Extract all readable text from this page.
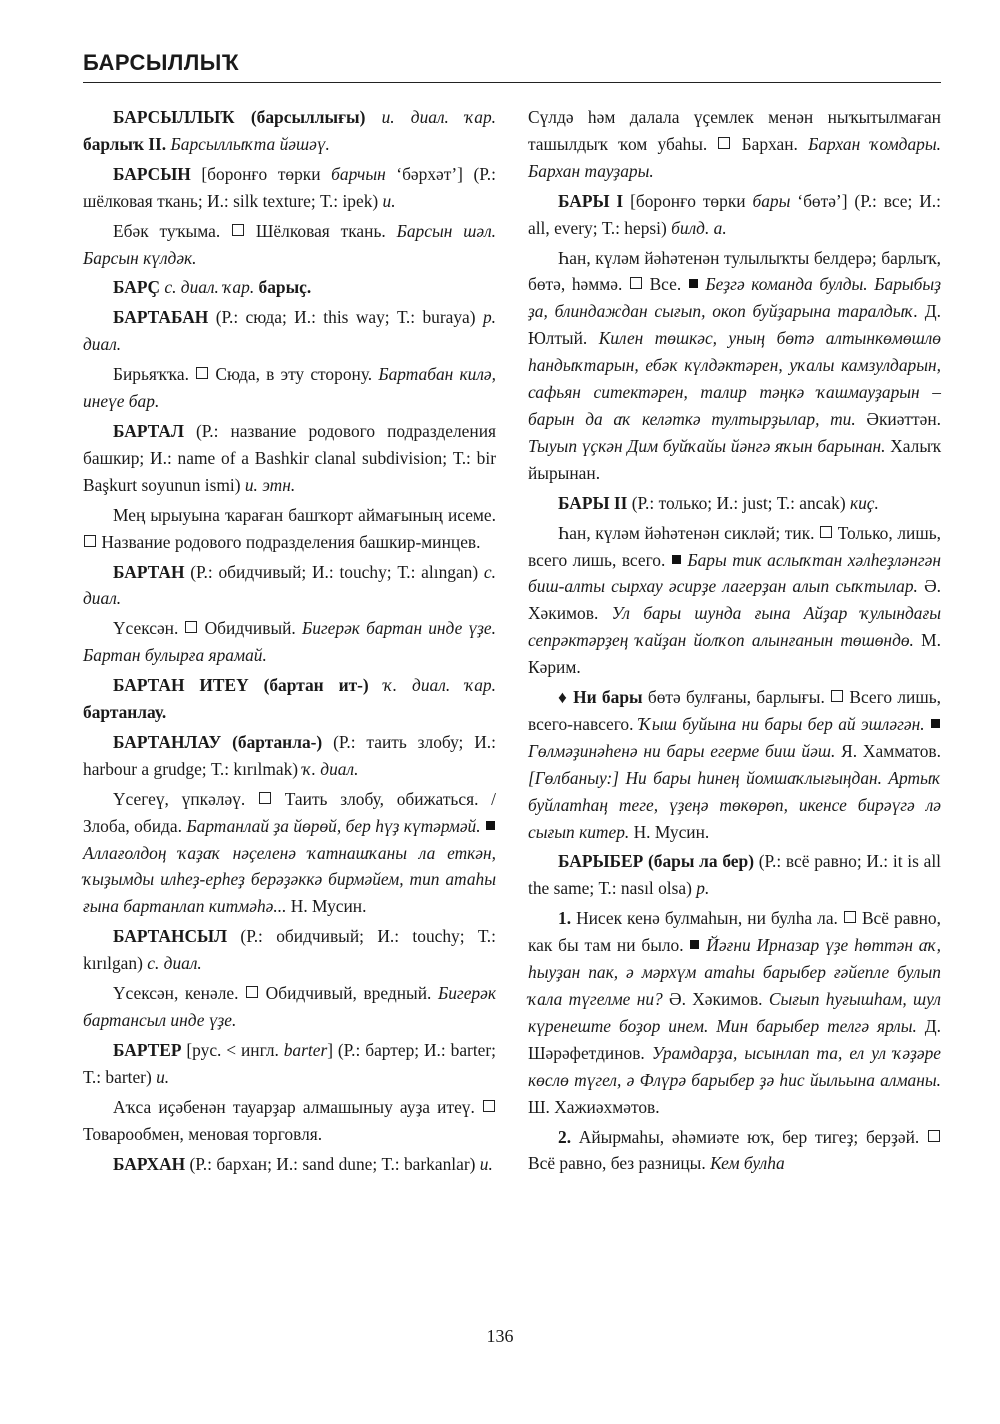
БАРСЫЛЛЫҠ

БАРСЫЛЛЫҠ (барсыллығы) и. диал. ҡар. барлыҡ II. Барсыллыҡта йәшәү.

БАРСЫН [боронғо төрки барчын ‘бәрхәт’] (Р.: шёлковая ткань; И.: silk texture; Т.: ipek) и.

Ебәк туҡыма.  Шёлковая ткань. Барсын шәл. Барсын күлдәк.

БАРҪ с. диал. ҡар. барыҫ.

БАРТАБАН (Р.: сюда; И.: this way; Т.: buraya) р. диал.

Бирьяҡҡа.  Сюда, в эту сторону. Бартабан килә, инеүе бар.

БАРТАЛ (Р.: название родового подразделения башкир; И.: name of a Bashkir clanal subdivision; Т.: bir Başkurt soyunun ismi) и. этн.

Мең ырыуына ҡараған башҡорт аймағының исеме.  Название родового подразделения башкир-минцев.

БАРТАН (Р.: обидчивый; И.: touchy; Т.: alıngan) с. диал.

Үсексән.  Обидчивый. Бигерәк бартан инде үҙе. Бартан булырға ярамай.

БАРТАН ИТЕҮ (бартан ит-) ҡ. диал. ҡар. бартанлау.

БАРТАНЛАУ (бартанла-) (Р.: таить злобу; И.: harbour a grudge; Т.: kırılmak) ҡ. диал.

Үсегеү, үпкәләү.  Таить злобу, обижаться. / Злоба, обида. Бартанлай ҙа йөрөй, бер һүҙ күтәрмәй.  Аллағолдоң ҡаҙаҡ нәҫеленә ҡатнашҡаны ла еткән, ҡыҙымды илһеҙ-ерһеҙ берәҙәккә бирмәйем, тип атаһы ғына бартанлап китмәһә... Н. Мусин.

БАРТАНСЫЛ (Р.: обидчивый; И.: touchy; Т.: kırılgan) с. диал.

Үсексән, кенәле.  Обидчивый, вредный. Бигерәк бартансыл инде үҙе.

БАРТЕР [рус. < ингл. barter] (Р.: бартер; И.: barter; Т.: barter) и.

Аҡса иҫәбенән тауарҙар алмашыныу ауҙа итеү.  Товарообмен, меновая торговля.

БАРХАН (Р.: бархан; И.: sand dune; Т.: barkanlar) и.

Сүлдә һәм далала үҫемлек менән ныҡытылмаған ташылдыҡ ҡом убаһы.  Бархан. Бархан ҡомдары. Бархан тауҙары.

БАРЫ I [боронғо төрки бары ‘бөтә’] (Р.: все; И.: all, every; Т.: hepsi) билд. а.

Һан, күләм йәһәтенән тулылыҡты белдерә; барлыҡ, бөтә, һәммә.  Все.  Беҙгә команда булды. Барыбыҙ ҙа, блиндаждан сығып, окоп буйҙарына таралдыҡ. Д. Юлтый. Килен төшкәс, уның бөтә алтынкөмөшлө һандыҡтарын, ебәк күлдәктәрен, уҡалы камзулдарын, сафьян ситектәрен, талир тәңкә ҡашмауҙарын – барын да аҡ келәткә тултырҙылар, ти. Әкиәттән. Тыуып үҫкән Дим буйҡайы йәнгә яҡын барынан. Халыҡ йырынан.

БАРЫ II (Р.: только; И.: just; Т.: ancak) киҫ.

Һан, күләм йәһәтенән сикләй; тик.  Только, лишь, всего лишь, всего.  Бары тик аслыҡтан хәлһеҙләнгән биш-алты сырхау әсирҙе лагерҙан алып сыҡтылар. Ә. Хәкимов. Ул бары шунда ғына Айҙар ҡулындағы сепрәктәрҙең ҡайҙан йолҡоп алынғанын төшөндө. М. Кәрим.

♦ Ни бары бөтә булғаны, барлығы.  Всего лишь, всего-навсего. Ҡыш буйына ни бары бер ай эшләгән.  Гөлмәҙинәһенә ни бары егерме биш йәш. Я. Хамматов. [Гөлбаныу:] Ни бары һинең йомшаҡлығыңдан. Артыҡ буйлатһаң теге, үҙеңә төкөрөп, икенсе бирәүгә лә сығып китер. Н. Мусин.

БАРЫБЕР (бары ла бер) (Р.: всё равно; И.: it is all the same; Т.: nasıl olsa) р.

1. Нисек кенә булмаһын, ни булһа ла.  Всё равно, как бы там ни было.  Йәғни Ирназар үҙе һөттән аҡ, һыуҙан пак, ә мәрхүм атаһы барыбер ғәйепле булып ҡала түгелме ни? Ә. Хәкимов. Сығып һуғышһам, шул күренеште боҙор инем. Мин барыбер телгә ярлы. Д. Шәрәфетдинов. Урамдарҙа, ысынлап та, ел ул ҡәҙәре көслө түгел, ә Флүрә барыбер ҙә һис йыльына алманы. Ш. Хажиәхмәтов.

2. Айырмаһы, әһәмиәте юҡ, бер тигеҙ; берҙәй.  Всё равно, без разницы. Кем булһа

136
